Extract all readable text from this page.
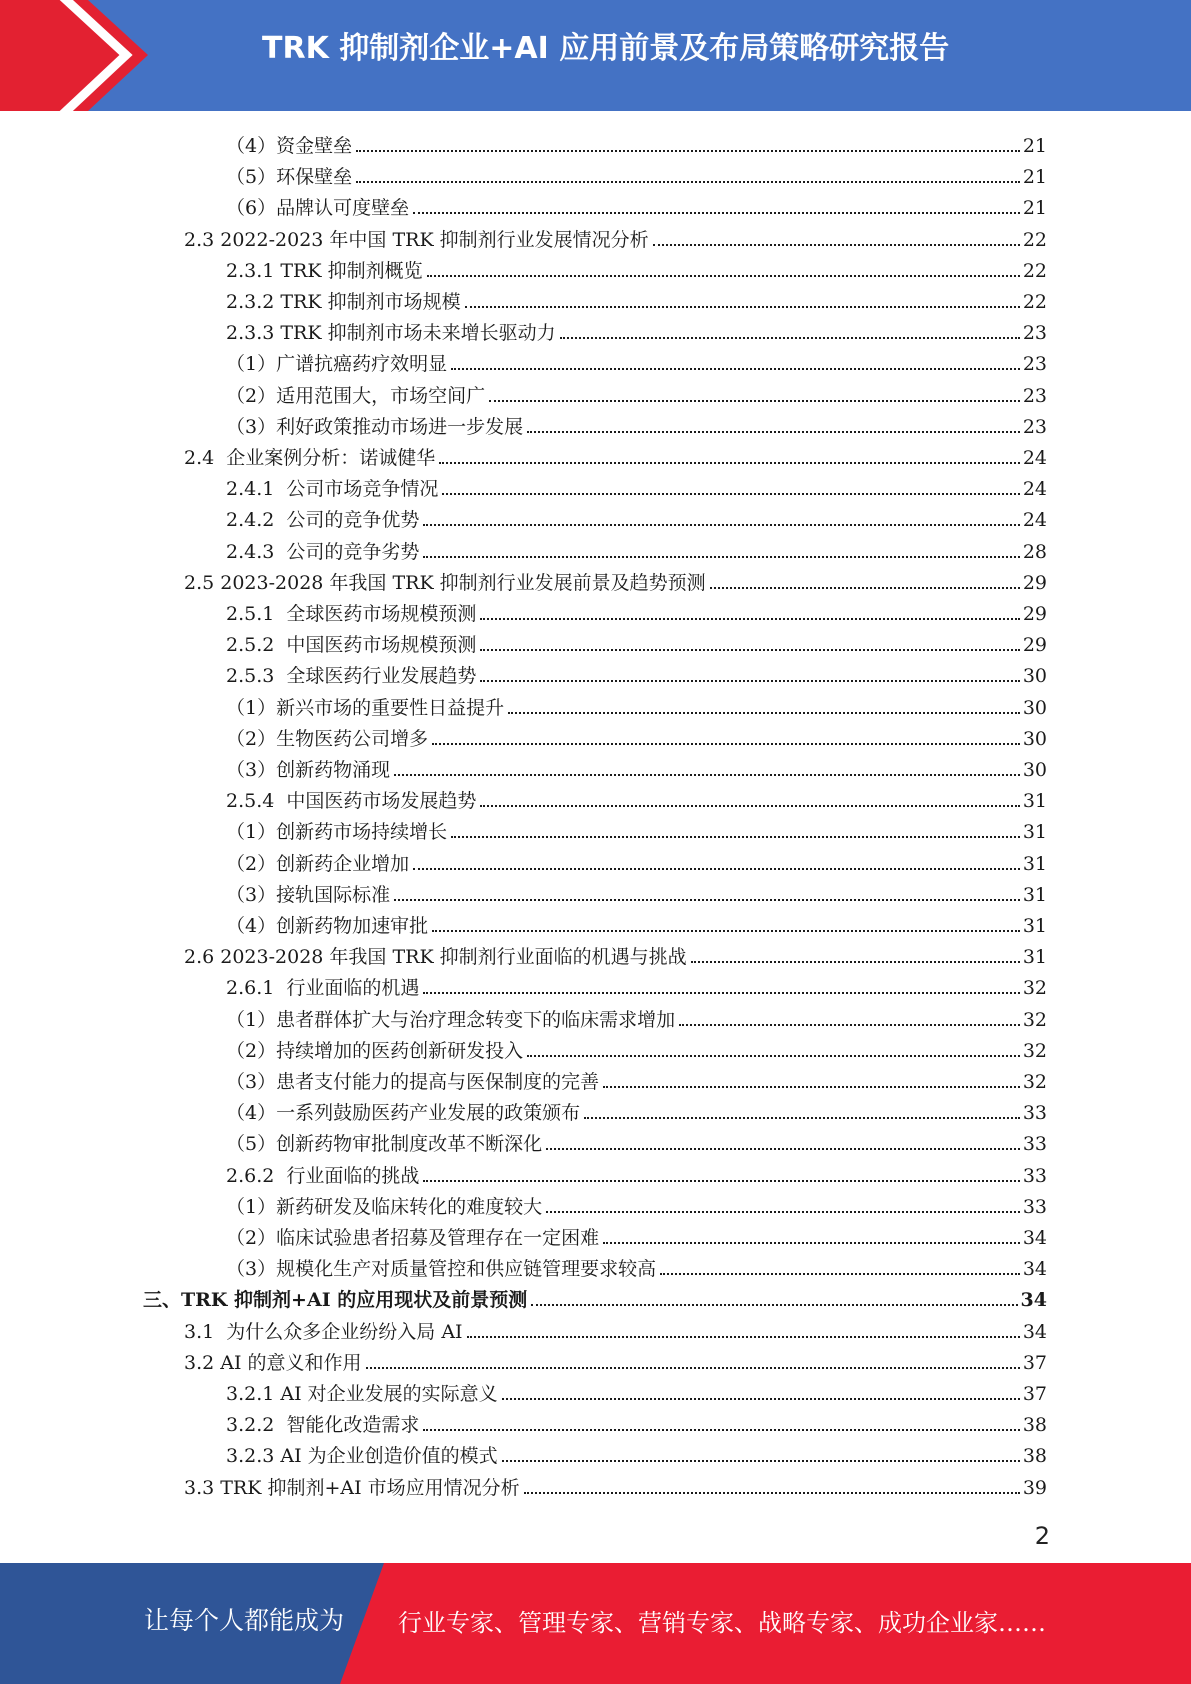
TRK 抑制剂企业+AI 应用前景及布局策略研究报告
（4）资金壁垒	21
（5）环保壁垒	21
（6）品牌认可度壁垒	21
2.3 2022-2023 年中国 TRK 抑制剂行业发展情况分析	22
2.3.1 TRK 抑制剂概览	22
2.3.2 TRK 抑制剂市场规模	22
2.3.3 TRK 抑制剂市场未来增长驱动力	23
（1）广谱抗癌药疗效明显	23
（2）适用范围大，市场空间广	23
（3）利好政策推动市场进一步发展	23
2.4  企业案例分析：诺诚健华	24
2.4.1  公司市场竞争情况	24
2.4.2  公司的竞争优势	24
2.4.3  公司的竞争劣势	28
2.5 2023-2028 年我国 TRK 抑制剂行业发展前景及趋势预测	29
2.5.1  全球医药市场规模预测	29
2.5.2  中国医药市场规模预测	29
2.5.3  全球医药行业发展趋势	30
（1）新兴市场的重要性日益提升	30
（2）生物医药公司增多	30
（3）创新药物涌现	30
2.5.4  中国医药市场发展趋势	31
（1）创新药市场持续增长	31
（2）创新药企业增加	31
（3）接轨国际标准	31
（4）创新药物加速审批	31
2.6 2023-2028 年我国 TRK 抑制剂行业面临的机遇与挑战	31
2.6.1  行业面临的机遇	32
（1）患者群体扩大与治疗理念转变下的临床需求增加	32
（2）持续增加的医药创新研发投入	32
（3）患者支付能力的提高与医保制度的完善	32
（4）一系列鼓励医药产业发展的政策颁布	33
（5）创新药物审批制度改革不断深化	33
2.6.2  行业面临的挑战	33
（1）新药研发及临床转化的难度较大	33
（2）临床试验患者招募及管理存在一定困难	34
（3）规模化生产对质量管控和供应链管理要求较高	34
三、TRK 抑制剂+AI 的应用现状及前景预测	34
3.1  为什么众多企业纷纷入局 AI	34
3.2 AI 的意义和作用	37
3.2.1 AI 对企业发展的实际意义	37
3.2.2  智能化改造需求	38
3.2.3 AI 为企业创造价值的模式	38
3.3 TRK 抑制剂+AI 市场应用情况分析	39
2
让每个人都能成为 行业专家、管理专家、营销专家、战略专家、成功企业家……
